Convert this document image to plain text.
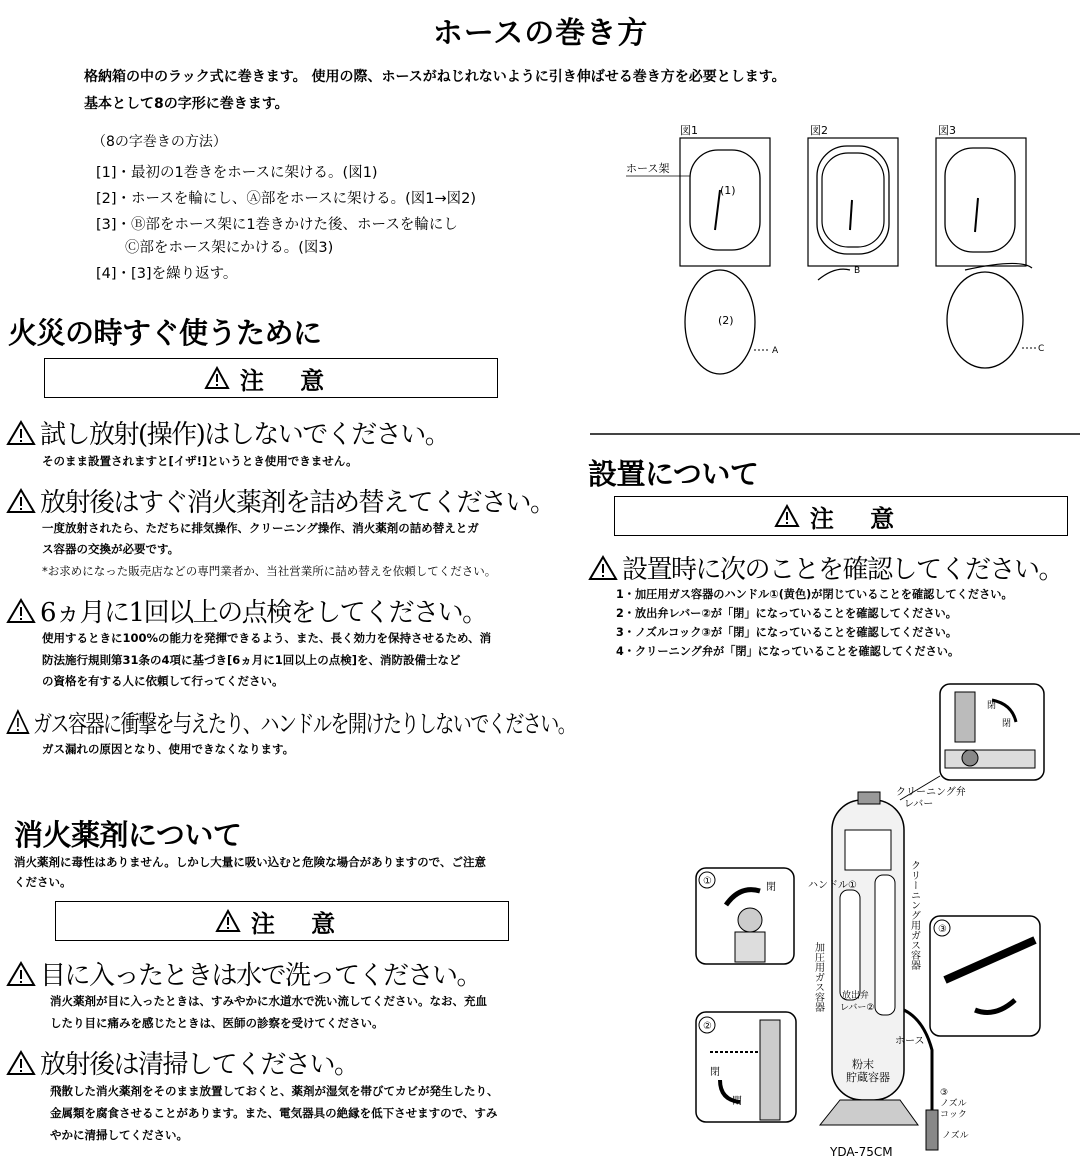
ホースの巻き方
格納箱の中のラック式に巻きます。 使用の際、ホースがねじれないように引き伸ばせる巻き方を必要とします。
基本として8の字形に巻きます。
（8の字巻きの方法）
[1]・最初の1巻きをホースに架ける。(図1)
[2]・ホースを輪にし、Ⓐ部をホースに架ける。(図1→図2)
[3]・Ⓑ部をホース架に1巻きかけた後、ホースを輪にし
　　Ⓒ部をホース架にかける。(図3)
[4]・[3]を繰り返す。
図1
ホース架
(1)
(2)
A
図2
B
図3
C
火災の時すぐ使うために
注 意
試し放射(操作)はしないでください。
そのまま設置されますと[イザ!]というとき使用できません。
放射後はすぐ消火薬剤を詰め替えてください。
一度放射されたら、ただちに排気操作、クリーニング操作、消火薬剤の詰め替えとガ
ス容器の交換が必要です。
*お求めになった販売店などの専門業者か、当社営業所に詰め替えを依頼してください。
6ヵ月に1回以上の点検をしてください。
使用するときに100%の能力を発揮できるよう、また、長く効力を保持させるため、消
防法施行規則第31条の4項に基づき[6ヵ月に1回以上の点検]を、消防設備士など
の資格を有する人に依頼して行ってください。
ガス容器に衝撃を与えたり、ハンドルを開けたりしないでください。
ガス漏れの原因となり、使用できなくなります。
消火薬剤について
消火薬剤に毒性はありません。しかし大量に吸い込むと危険な場合がありますので、ご注意
ください。
注 意
目に入ったときは水で洗ってください。
消火薬剤が目に入ったときは、すみやかに水道水で洗い流してください。なお、充血
したり目に痛みを感じたときは、医師の診察を受けてください。
放射後は清掃してください。
飛散した消火薬剤をそのまま放置しておくと、薬剤が湿気を帯びてカビが発生したり、
金属類を腐食させることがあります。また、電気器具の絶縁を低下させますので、すみ
やかに清掃してください。
設置について
注 意
設置時に次のことを確認してください。
1・加圧用ガス容器のハンドル①(黄色)が閉じていることを確認してください。
2・放出弁レバー②が「閉」になっていることを確認してください。
3・ノズルコック③が「閉」になっていることを確認してください。
4・クリーニング弁が「閉」になっていることを確認してください。
閉
閉
クリーニング弁
レバー
ハンドル①	クリーニング用ガス容器
加圧用ガス容器 放出弁
レバー②
ホース
粉末
貯蔵容器
③
ノズル
コック
ノズル
YDA-75CM
①
閉
②
閉
閉
③
